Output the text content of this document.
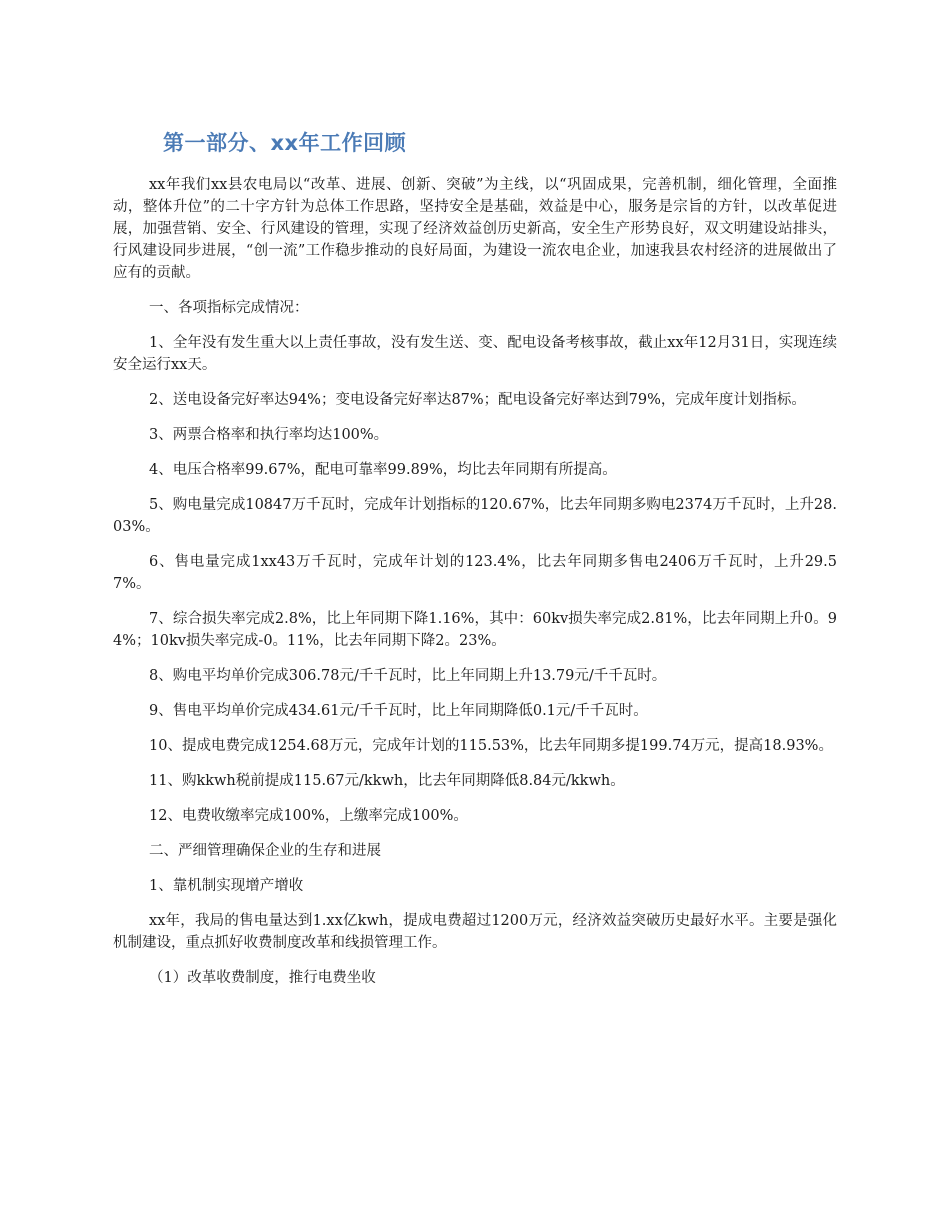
第一部分、xx年工作回顾

xx年我们xx县农电局以“改革、进展、创新、突破”为主线，以“巩固成果，完善机制，细化管理，全面推动，整体升位”的二十字方针为总体工作思路，坚持安全是基础，效益是中心，服务是宗旨的方针，以改革促进展，加强营销、安全、行风建设的管理，实现了经济效益创历史新高，安全生产形势良好，双文明建设站排头，行风建设同步进展，“创一流”工作稳步推动的良好局面，为建设一流农电企业，加速我县农村经济的进展做出了应有的贡献。

一、各项指标完成情况：

1、全年没有发生重大以上责任事故，没有发生送、变、配电设备考核事故，截止xx年12月31日，实现连续安全运行xx天。

2、送电设备完好率达94%；变电设备完好率达87%；配电设备完好率达到79%，完成年度计划指标。

3、两票合格率和执行率均达100%。

4、电压合格率99.67%，配电可靠率99.89%，均比去年同期有所提高。

5、购电量完成10847万千瓦时，完成年计划指标的120.67%，比去年同期多购电2374万千瓦时，上升28.03%。

6、售电量完成1xx43万千瓦时，完成年计划的123.4%，比去年同期多售电2406万千瓦时，上升29.57%。

7、综合损失率完成2.8%，比上年同期下降1.16%，其中：60kv损失率完成2.81%，比去年同期上升0。94%；10kv损失率完成-0。11%，比去年同期下降2。23%。

8、购电平均单价完成306.78元/千千瓦时，比上年同期上升13.79元/千千瓦时。

9、售电平均单价完成434.61元/千千瓦时，比上年同期降低0.1元/千千瓦时。

10、提成电费完成1254.68万元，完成年计划的115.53%，比去年同期多提199.74万元，提高18.93%。

11、购kkwh税前提成115.67元/kkwh，比去年同期降低8.84元/kkwh。

12、电费收缴率完成100%，上缴率完成100%。

二、严细管理确保企业的生存和进展

1、靠机制实现增产增收

xx年，我局的售电量达到1.xx亿kwh，提成电费超过1200万元，经济效益突破历史最好水平。主要是强化机制建设，重点抓好收费制度改革和线损管理工作。

（1）改革收费制度，推行电费坐收
